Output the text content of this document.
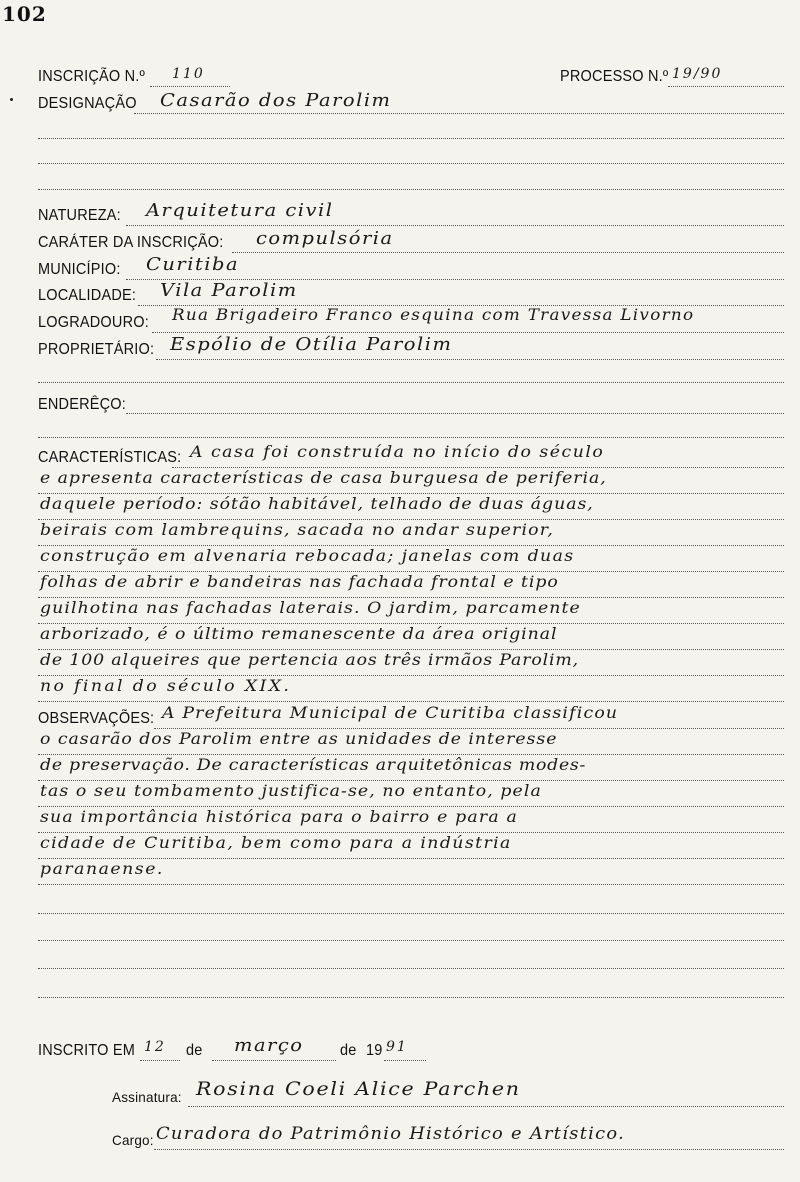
102
INSCRIÇÃO N.º 110	PROCESSO N.º 19/90
DESIGNAÇÃO Casarão dos Parolim
NATUREZA: Arquitetura civil
CARÁTER DA INSCRIÇÃO: compulsória
MUNICÍPIO: Curitiba
LOCALIDADE: Vila Parolim
LOGRADOURO: Rua Brigadeiro Franco esquina com Travessa Livorno
PROPRIETÁRIO: Espólio de Otília Parolim
ENDERÊÇO:
CARACTERÍSTICAS: A casa foi construída no início do século
e apresenta características de casa burguesa de periferia,
daquele período: sótão habitável, telhado de duas águas,
beirais com lambrequins, sacada no andar superior,
construção em alvenaria rebocada; janelas com duas
folhas de abrir e bandeiras nas fachada frontal e tipo
guilhotina nas fachadas laterais. O jardim, parcamente
arborizado, é o último remanescente da área original
de 100 alqueires que pertencia aos três irmãos Parolim,
no final do século XIX.
OBSERVAÇÕES: A Prefeitura Municipal de Curitiba classificou
o casarão dos Parolim entre as unidades de interesse
de preservação. De características arquitetônicas modes-
tas o seu tombamento justifica-se, no entanto, pela
sua importância histórica para o bairro e para a
cidade de Curitiba, bem como para a indústria
paranaense.
INSCRITO EM 12 de março	de 19 91
Assinatura: Rosina Coeli Alice Parchen
Cargo: Curadora do Patrimônio Histórico e Artístico.
